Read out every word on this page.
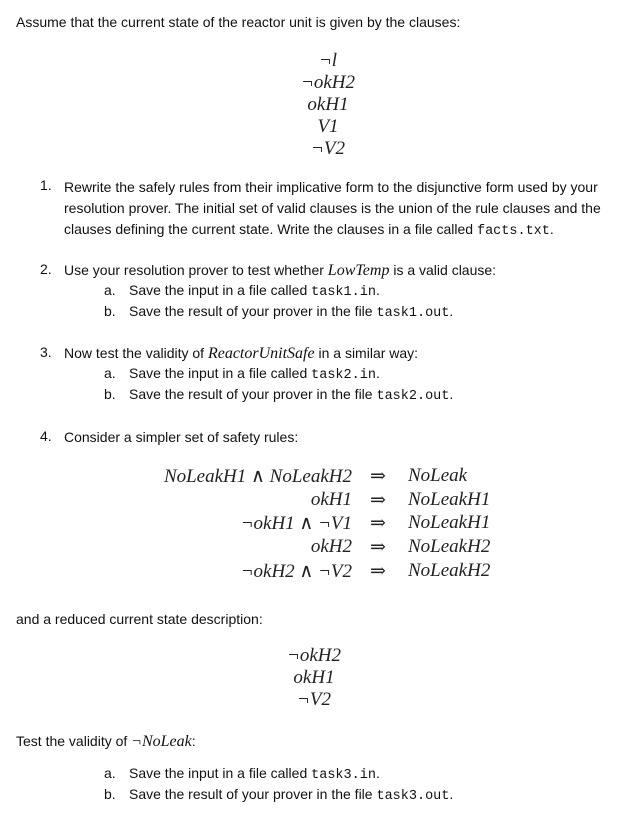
Assume that the current state of the reactor unit is given by the clauses:
¬l
¬okH2
okH1
V1
¬V2
1. Rewrite the safely rules from their implicative form to the disjunctive form used by your
resolution prover. The initial set of valid clauses is the union of the rule clauses and the
clauses defining the current state. Write the clauses in a file called facts.txt.
2. Use your resolution prover to test whether LowTemp is a valid clause:
a. Save the input in a file called task1.in.
b. Save the result of your prover in the file task1.out.
3. Now test the validity of ReactorUnitSafe in a similar way:
a. Save the input in a file called task2.in.
b. Save the result of your prover in the file task2.out.
4. Consider a simpler set of safety rules:
NoLeakH1 ∧ NoLeakH2 ⇒ NoLeak
okH1 ⇒ NoLeakH1
¬okH1 ∧ ¬V1 ⇒ NoLeakH1
okH2 ⇒ NoLeakH2
¬okH2 ∧ ¬V2 ⇒ NoLeakH2
and a reduced current state description:
¬okH2
okH1
¬V2
Test the validity of ¬NoLeak:
a. Save the input in a file called task3.in.
b. Save the result of your prover in the file task3.out.
